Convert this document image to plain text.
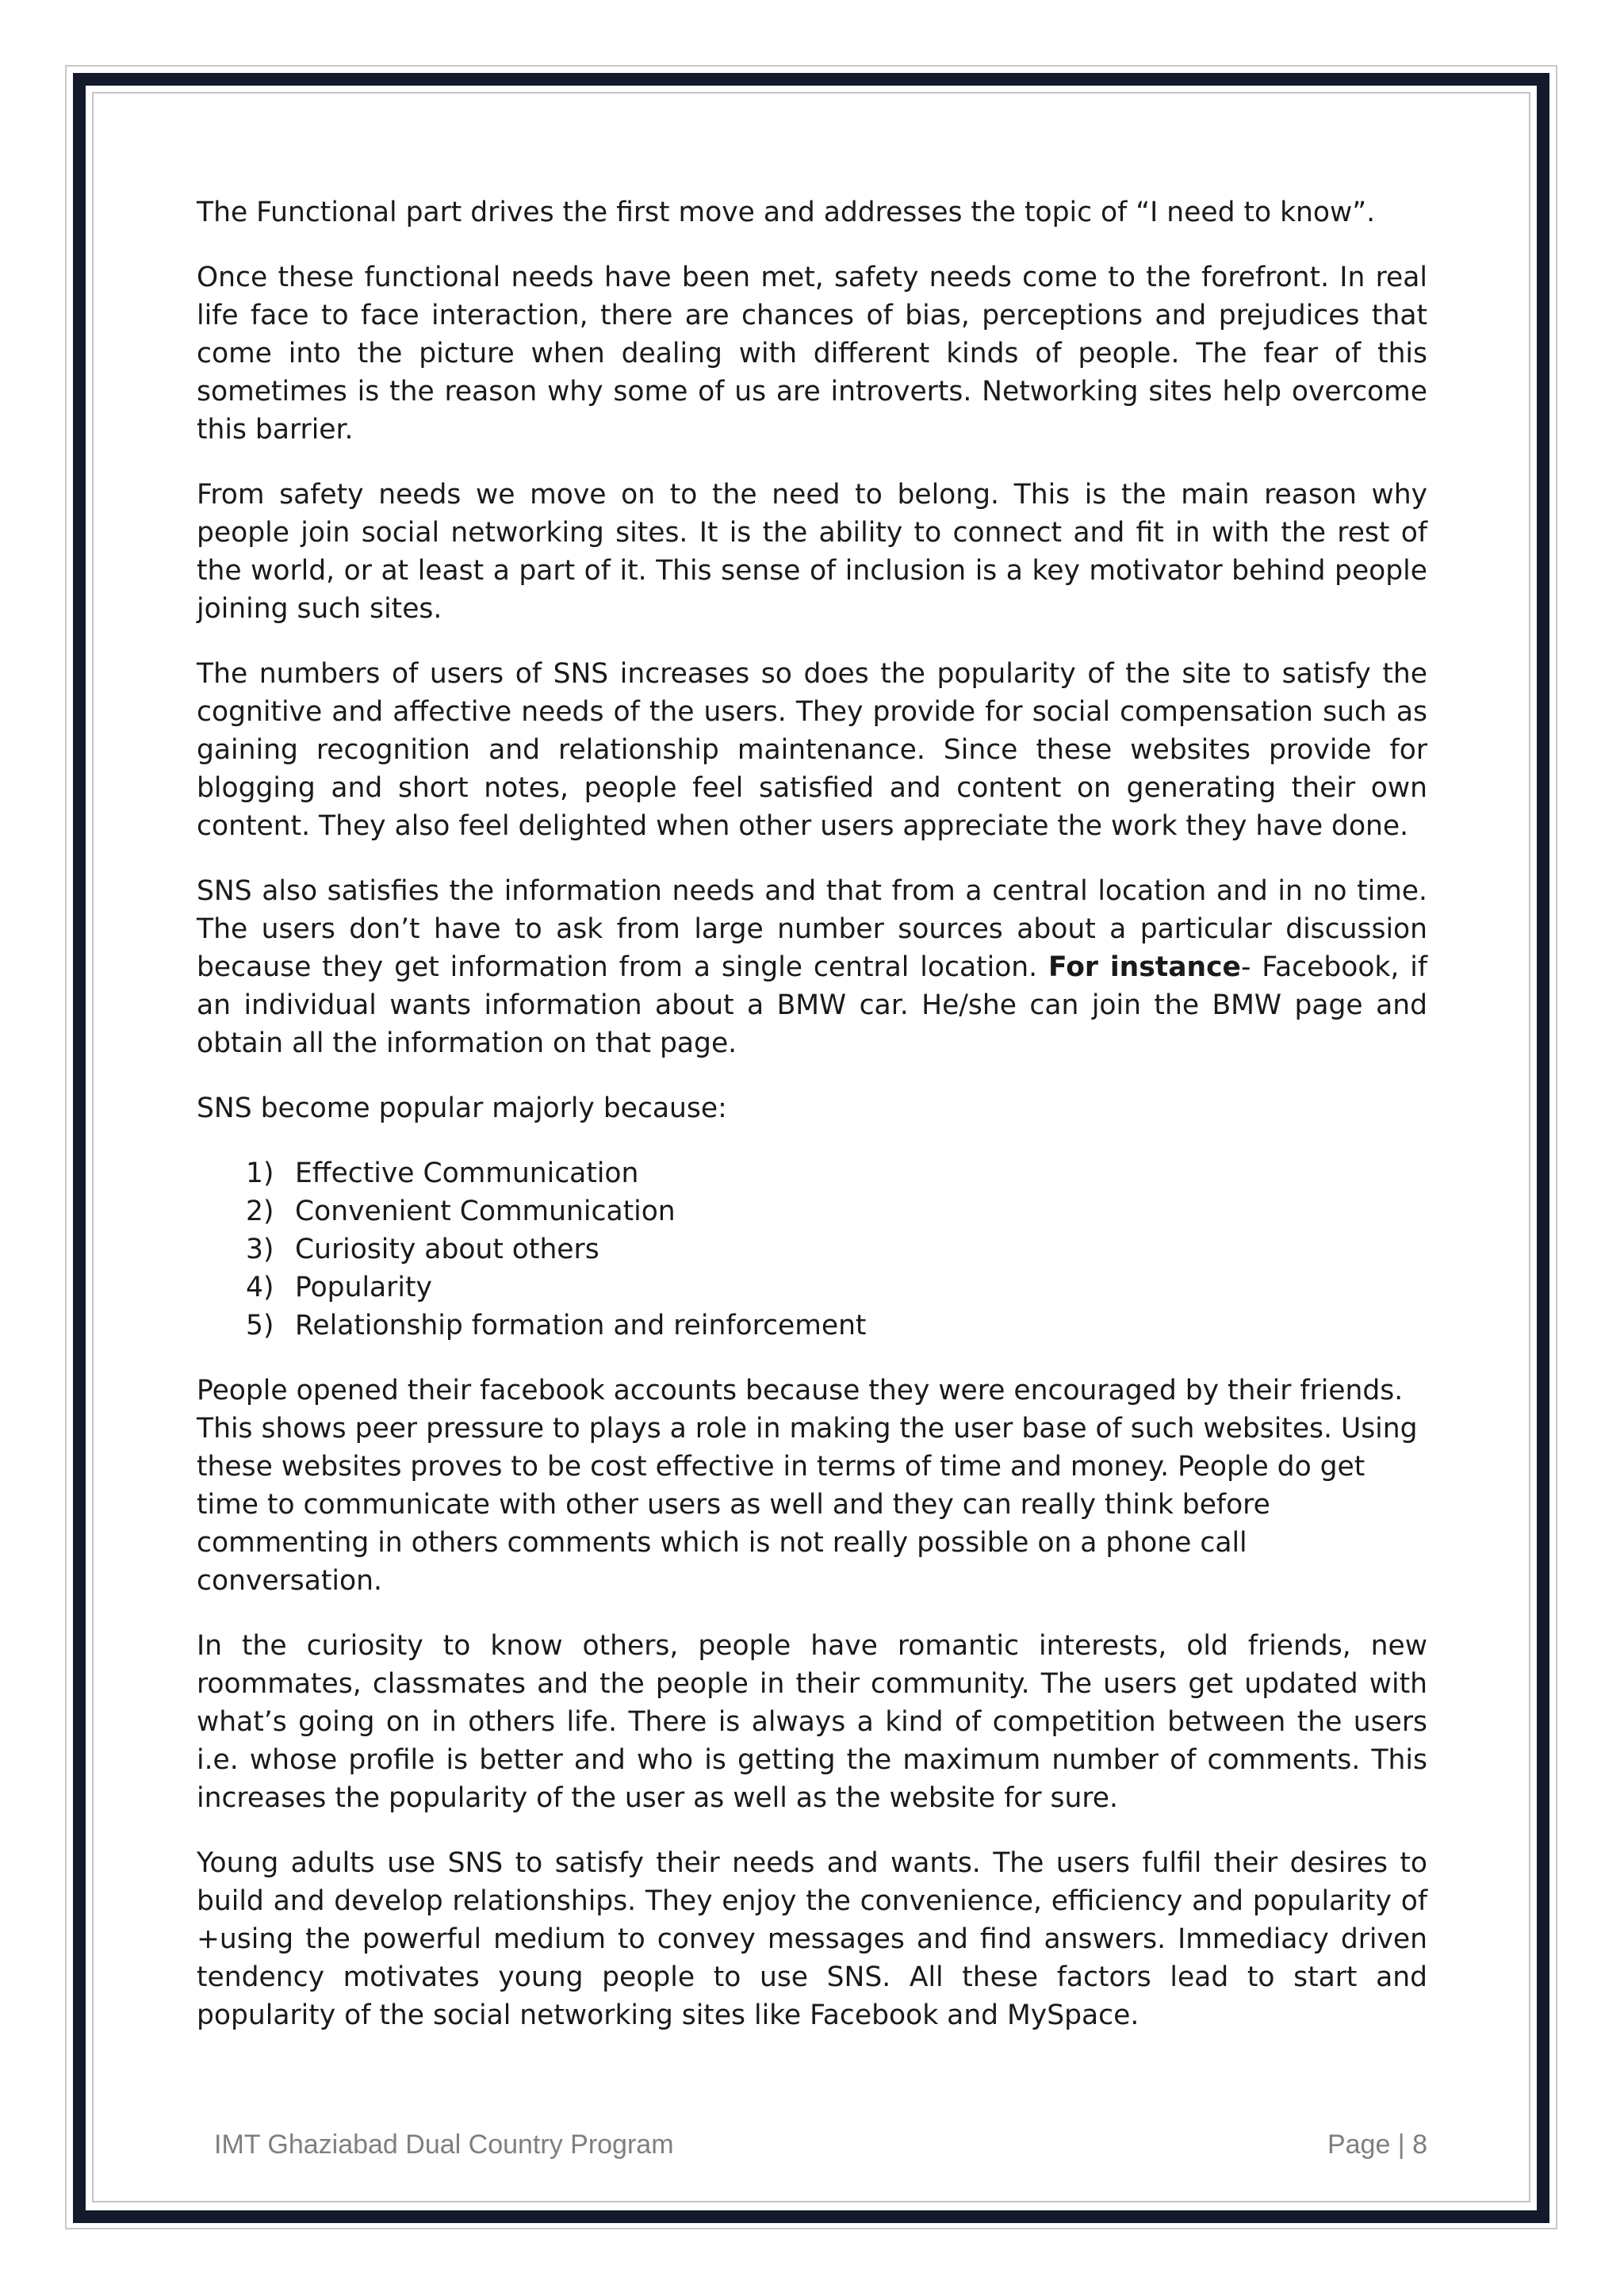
The Functional part drives the first move and addresses the topic of “I need to know”.

Once these functional needs have been met, safety needs come to the forefront. In real life face to face interaction, there are chances of bias, perceptions and prejudices that come into the picture when dealing with different kinds of people. The fear of this sometimes is the reason why some of us are introverts. Networking sites help overcome this barrier.

From safety needs we move on to the need to belong. This is the main reason why people join social networking sites. It is the ability to connect and fit in with the rest of the world, or at least a part of it. This sense of inclusion is a key motivator behind people joining such sites.

The numbers of users of SNS increases so does the popularity of the site to satisfy the cognitive and affective needs of the users. They provide for social compensation such as gaining recognition and relationship maintenance. Since these websites provide for blogging and short notes, people feel satisfied and content on generating their own content. They also feel delighted when other users appreciate the work they have done.

SNS also satisfies the information needs and that from a central location and in no time. The users don’t have to ask from large number sources about a particular discussion because they get information from a single central location. For instance- Facebook, if an individual wants information about a BMW car. He/she can join the BMW page and obtain all the information on that page.

SNS become popular majorly because:

1) Effective Communication
2) Convenient Communication
3) Curiosity about others
4) Popularity
5) Relationship formation and reinforcement

People opened their facebook accounts because they were encouraged by their friends. This shows peer pressure to plays a role in making the user base of such websites. Using these websites proves to be cost effective in terms of time and money. People do get time to communicate with other users as well and they can really think before commenting in others comments which is not really possible on a phone call conversation.

In the curiosity to know others, people have romantic interests, old friends, new roommates, classmates and the people in their community. The users get updated with what’s going on in others life. There is always a kind of competition between the users i.e. whose profile is better and who is getting the maximum number of comments. This increases the popularity of the user as well as the website for sure.

Young adults use SNS to satisfy their needs and wants. The users fulfil their desires to build and develop relationships. They enjoy the convenience, efficiency and popularity of +using the powerful medium to convey messages and find answers. Immediacy driven tendency motivates young people to use SNS. All these factors lead to start and popularity of the social networking sites like Facebook and MySpace.

IMT Ghaziabad Dual Country Program	Page | 8
